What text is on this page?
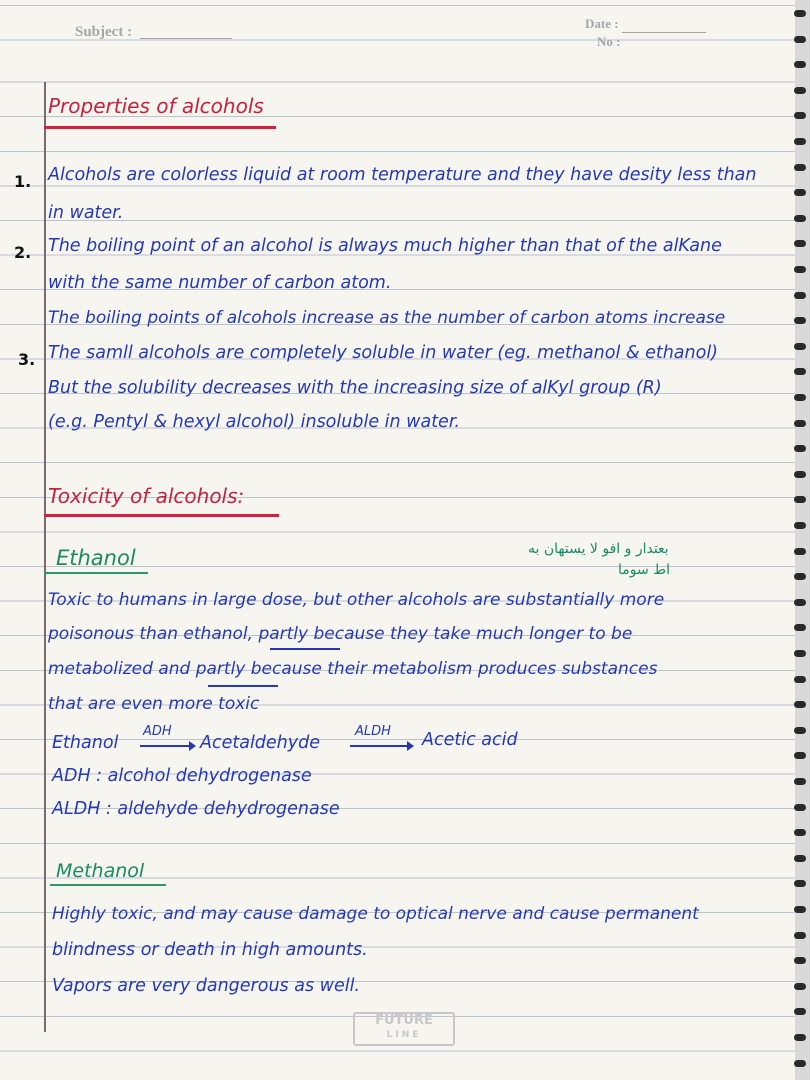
Subject :
Date :
No :
Properties of alcohols
1. Alcohols are colorless liquid at room temperature and they have desity less than
in water.
2. The boiling point of an alcohol is always much higher than that of the alKane
with the same number of carbon atom.
The boiling points of alcohols increase as the number of carbon atoms increase
3. The samll alcohols are completely soluble in water (eg. methanol & ethanol)
But the solubility decreases with the increasing size of alKyl group (R)
(e.g. Pentyl & hexyl alcohol) insoluble in water.
Toxicity of alcohols:
Ethanol	بعتدار و افو لا يستهان به
اط سوما
Toxic to humans in large dose, but other alcohols are substantially more
poisonous than ethanol, partly because they take much longer to be
metabolized and partly because their metabolism produces substances
that are even more toxic
Ethanol
ADH
→ Acetaldehyde
ALDH → Acetic acid
ADH : alcohol dehydrogenase
ALDH : aldehyde dehydrogenase
Methanol
Highly toxic, and may cause damage to optical nerve and cause permanent
blindness or death in high amounts.
Vapors are very dangerous as well.
FUTURE
LINE
